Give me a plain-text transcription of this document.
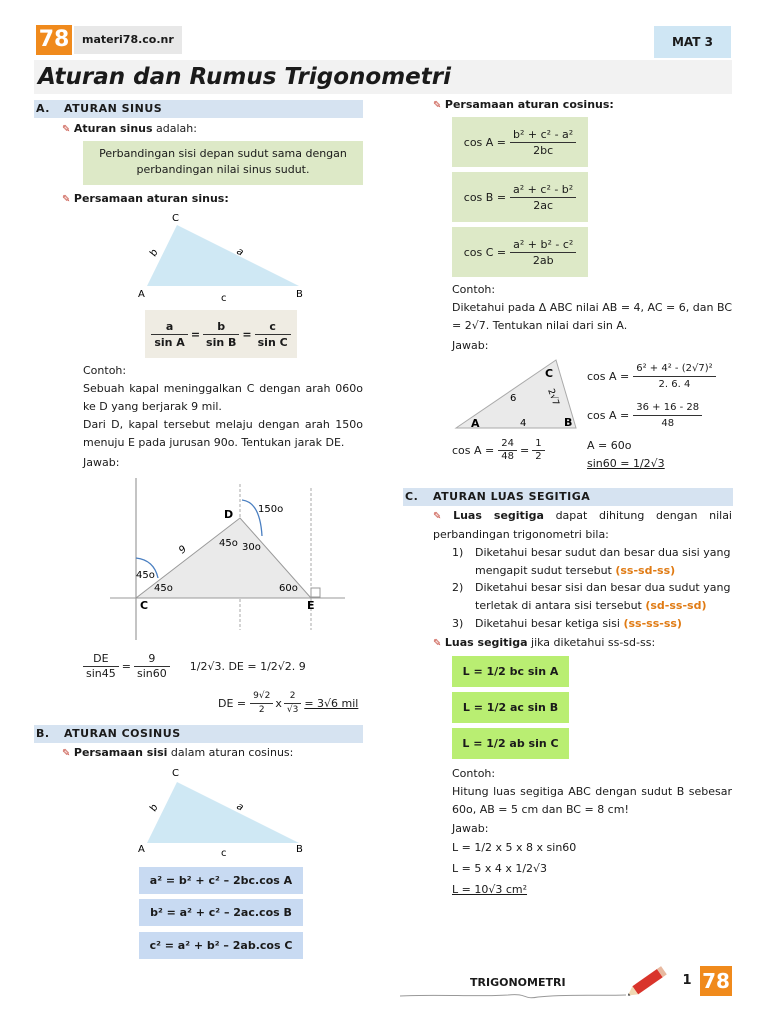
78	materi78.co.nr	MAT 3
Aturan dan Rumus Trigonometri
A. ATURAN SINUS
✎ Aturan sinus adalah:
Perbandingan sisi depan sudut sama dengan perbandingan nilai sinus sudut.
✎ Persamaan aturan sinus:
C
A	B
b	a
c
$\frac{a}{\text{sin A}} = \frac{b}{\text{sin B}} = \frac{c}{\text{sin C}}$
Contoh:
Sebuah kapal meninggalkan C dengan arah 060o ke D yang berjarak 9 mil.
Dari D, kapal tersebut melaju dengan arah 150o menuju E pada jurusan 90o. Tentukan jarak DE.
Jawab:
D
C	E
150o
45o 30o
45o
45o	60o
9
$\frac{DE}{\sin 45} = \frac{9}{\sin 60} 1/2√3$. DE = 1/2√2. 9
DE = $\frac{9√2}{2}$ x $\frac{2}{√3} = 3√6$ mil
B. ATURAN COSINUS
✎ Persamaan sisi dalam aturan cosinus:
C
A	B
b	a
c
a² = b² + c² – 2bc.cos A
b² = a² + c² – 2ac.cos B
c² = a² + b² – 2ab.cos C
✎ Persamaan aturan cosinus:
$\cos A = \frac{\text{b² + c² - a²}}{2bc}$
$\cos B = \frac{\text{a² + c² - b²}}{2ac}$
$\cos C = \frac{\text{a² + b² - c²}}{2ab}$
Contoh:
Diketahui pada Δ ABC nilai AB = 4, AC = 6, dan BC = 2√7. Tentukan nilai dari sin A.
Jawab:
A	B
C
6
4
2√7
$\cos A = \frac{\text{6² + 4² - (2√7)²}}{2. 6. 4}$
$\cos A = \frac{36 + 16 - 28}{48}$
$\cos A = \frac{24}{48} = \frac{1}{2}$	A = 60o
sin60 = 1/2√3
C. ATURAN LUAS SEGITIGA
✎ Luas segitiga dapat dihitung dengan nilai perbandingan trigonometri bila:
1) Diketahui besar sudut dan besar dua sisi yang mengapit sudut tersebut (ss-sd-ss)
2) Diketahui besar sisi dan besar dua sudut yang terletak di antara sisi tersebut (sd-ss-sd)
3) Diketahui besar ketiga sisi (ss-ss-ss)
✎ Luas segitiga jika diketahui ss-sd-ss:
L = 1/2 bc sin A
L = 1/2 ac sin B
L = 1/2 ab sin C
Contoh:
Hitung luas segitiga ABC dengan sudut B sebesar 60o, AB = 5 cm dan BC = 8 cm!
Jawab:
L = 1/2 x 5 x 8 x sin60
L = 5 x 4 x 1/2√3
L = 10√3 cm²
TRIGONOMETRI	1 78
